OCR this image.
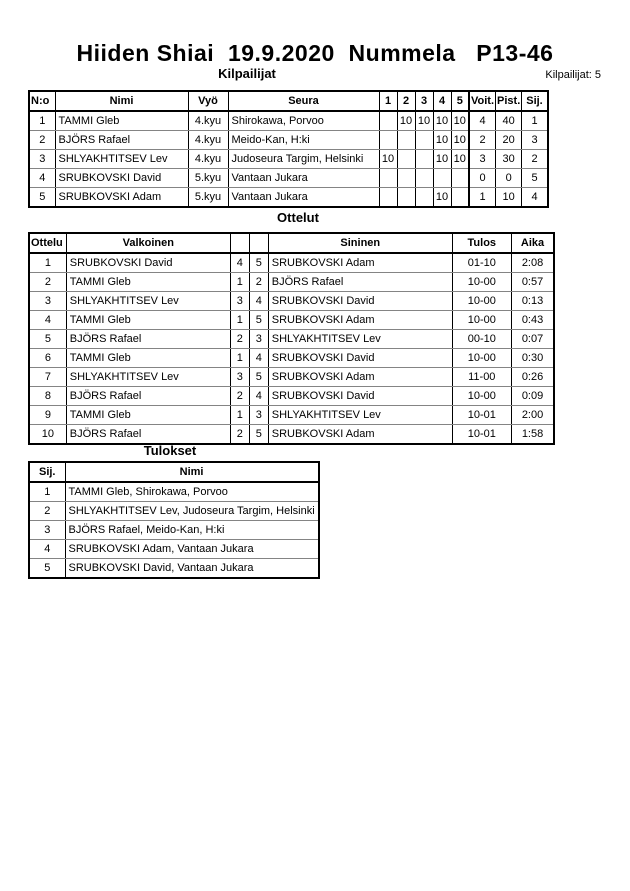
Hiiden Shiai  19.9.2020  Nummela   P13-46
Kilpailijat	Kilpailijat: 5
N:o	Nimi	Vyö	Seura	1	2	3	4	5	Voit.	Pist.	Sij.
1	TAMMI Gleb	4.kyu	Shirokawa, Porvoo		10	10	10	10	4	40	1
2	BJÖRS Rafael	4.kyu	Meido-Kan, H:ki				10	10	2	20	3
3	SHLYAKHTITSEV Lev	4.kyu	Judoseura Targim, Helsinki	10			10	10	3	30	2
4	SRUBKOVSKI David	5.kyu	Vantaan Jukara						0	0	5
5	SRUBKOVSKI Adam	5.kyu	Vantaan Jukara				10		1	10	4
Ottelut
Ottelu	Valkoinen			Sininen	Tulos	Aika
1	SRUBKOVSKI David	4	5	SRUBKOVSKI Adam	01-10	2:08
2	TAMMI Gleb	1	2	BJÖRS Rafael	10-00	0:57
3	SHLYAKHTITSEV Lev	3	4	SRUBKOVSKI David	10-00	0:13
4	TAMMI Gleb	1	5	SRUBKOVSKI Adam	10-00	0:43
5	BJÖRS Rafael	2	3	SHLYAKHTITSEV Lev	00-10	0:07
6	TAMMI Gleb	1	4	SRUBKOVSKI David	10-00	0:30
7	SHLYAKHTITSEV Lev	3	5	SRUBKOVSKI Adam	11-00	0:26
8	BJÖRS Rafael	2	4	SRUBKOVSKI David	10-00	0:09
9	TAMMI Gleb	1	3	SHLYAKHTITSEV Lev	10-01	2:00
10	BJÖRS Rafael	2	5	SRUBKOVSKI Adam	10-01	1:58
Tulokset
Sij.	Nimi
1	TAMMI Gleb, Shirokawa, Porvoo
2	SHLYAKHTITSEV Lev, Judoseura Targim, Helsinki
3	BJÖRS Rafael, Meido-Kan, H:ki
4	SRUBKOVSKI Adam, Vantaan Jukara
5	SRUBKOVSKI David, Vantaan Jukara
